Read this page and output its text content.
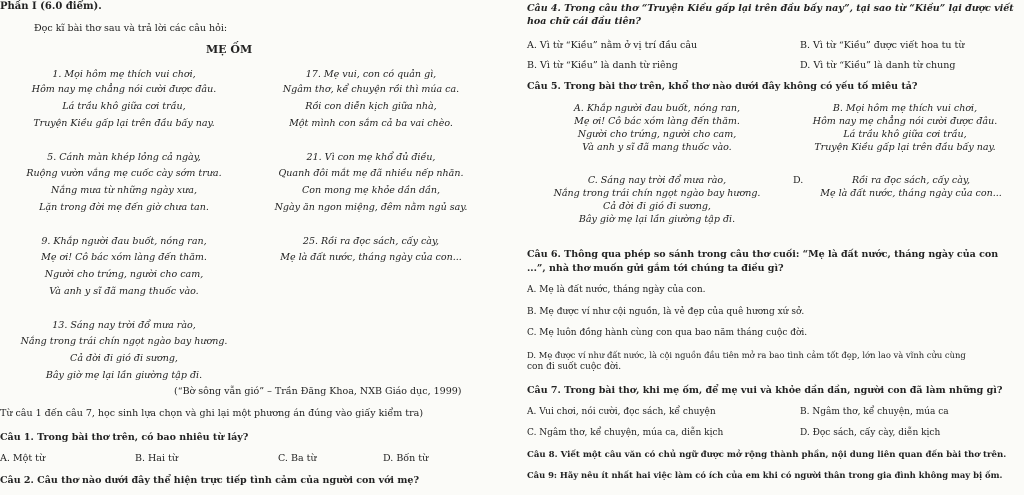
Phần I (6.0 điểm).
Đọc kĩ bài thơ sau và trả lời các câu hỏi:
MẸ ỐM
1. Mọi hôm mẹ thích vui chơi,
Hôm nay mẹ chẳng nói cười được đâu.
Lá trầu khô giữa cơi trầu,
Truyện Kiều gấp lại trên đầu bấy nay.
17. Mẹ vui, con có quản gì,
Ngâm thơ, kể chuyện rồi thì múa ca.
Rồi con diễn kịch giữa nhà,
Một mình con sắm cả ba vai chèo.
5. Cánh màn khép lỏng cả ngày,
Ruộng vườn vắng mẹ cuốc cày sớm trưa.
Nắng mưa từ những ngày xưa,
Lặn trong đời mẹ đến giờ chưa tan.
21. Vì con mẹ khổ đủ điều,
Quanh đôi mắt mẹ đã nhiều nếp nhăn.
Con mong mẹ khỏe dần dần,
Ngày ăn ngon miệng, đêm nằm ngủ say.
9. Khắp người đau buốt, nóng ran,
Mẹ ơi! Cô bác xóm làng đến thăm.
Người cho trứng, người cho cam,
Và anh y sĩ đã mang thuốc vào.
25. Rồi ra đọc sách, cấy cày,
Mẹ là đất nước, tháng ngày của con...
13. Sáng nay trời đổ mưa rào,
Nắng trong trái chín ngọt ngào bay hương.
Cả đời đi gió đi sương,
Bây giờ mẹ lại lần giường tập đi.
(“Bờ sông vẫn gió” – Trần Đăng Khoa, NXB Giáo dục, 1999)
Từ câu 1 đến câu 7, học sinh lựa chọn và ghi lại một phương án đúng vào giấy kiểm tra)
Câu 1. Trong bài thơ trên, có bao nhiêu từ láy?
A. Một từ	B. Hai từ	C. Ba từ	D. Bốn từ
Câu 2. Câu thơ nào dưới đây thể hiện trực tiếp tình cảm của người con với mẹ?
Câu 4. Trong câu thơ “Truyện Kiều gấp lại trên đầu bấy nay”, tại sao từ “Kiều” lại được viết
hoa chữ cái đầu tiên?
A. Vì từ “Kiều” nằm ở vị trí đầu câu	B. Vì từ “Kiều” được viết hoa tu từ
B. Vì từ “Kiều” là danh từ riêng	D. Vì từ “Kiều” là danh từ chung
Câu 5. Trong bài thơ trên, khổ thơ nào dưới đây không có yếu tố miêu tả?
A. Khắp người đau buốt, nóng ran,
Mẹ ơi! Cô bác xóm làng đến thăm.
Người cho trứng, người cho cam,
Và anh y sĩ đã mang thuốc vào.
B. Mọi hôm mẹ thích vui chơi,
Hôm nay mẹ chẳng nói cười được đâu.
Lá trầu khô giữa cơi trầu,
Truyện Kiều gấp lại trên đầu bấy nay.
C. Sáng nay trời đổ mưa rào,
Nắng trong trái chín ngọt ngào bay hương.
Cả đời đi gió đi sương,
Bây giờ mẹ lại lần giường tập đi.
D.	Rồi ra đọc sách, cấy cày,
Mẹ là đất nước, tháng ngày của con...
Câu 6. Thông qua phép so sánh trong câu thơ cuối: “Mẹ là đất nước, tháng ngày của con
...”, nhà thơ muốn gửi gắm tới chúng ta điều gì?
A. Mẹ là đất nước, tháng ngày của con.
B. Mẹ được ví như cội nguồn, là vẻ đẹp của quê hương xứ sở.
C. Mẹ luôn đồng hành cùng con qua bao năm tháng cuộc đời.
D. Mẹ được ví như đất nước, là cội nguồn đầu tiên mở ra bao tình cảm tốt đẹp, lớn lao và vĩnh cửu cùng
con đi suốt cuộc đời.
Câu 7. Trong bài thơ, khi mẹ ốm, để mẹ vui và khỏe dần dần, người con đã làm những gì?
A. Vui chơi, nói cười, đọc sách, kể chuyện	B. Ngâm thơ, kể chuyện, múa ca
C. Ngâm thơ, kể chuyện, múa ca, diễn kịch	D. Đọc sách, cấy cày, diễn kịch
Câu 8. Viết một câu văn có chủ ngữ được mở rộng thành phần, nội dung liên quan đến bài thơ trên.
Câu 9: Hãy nêu ít nhất hai việc làm có ích của em khi có người thân trong gia đình không may bị ốm.
